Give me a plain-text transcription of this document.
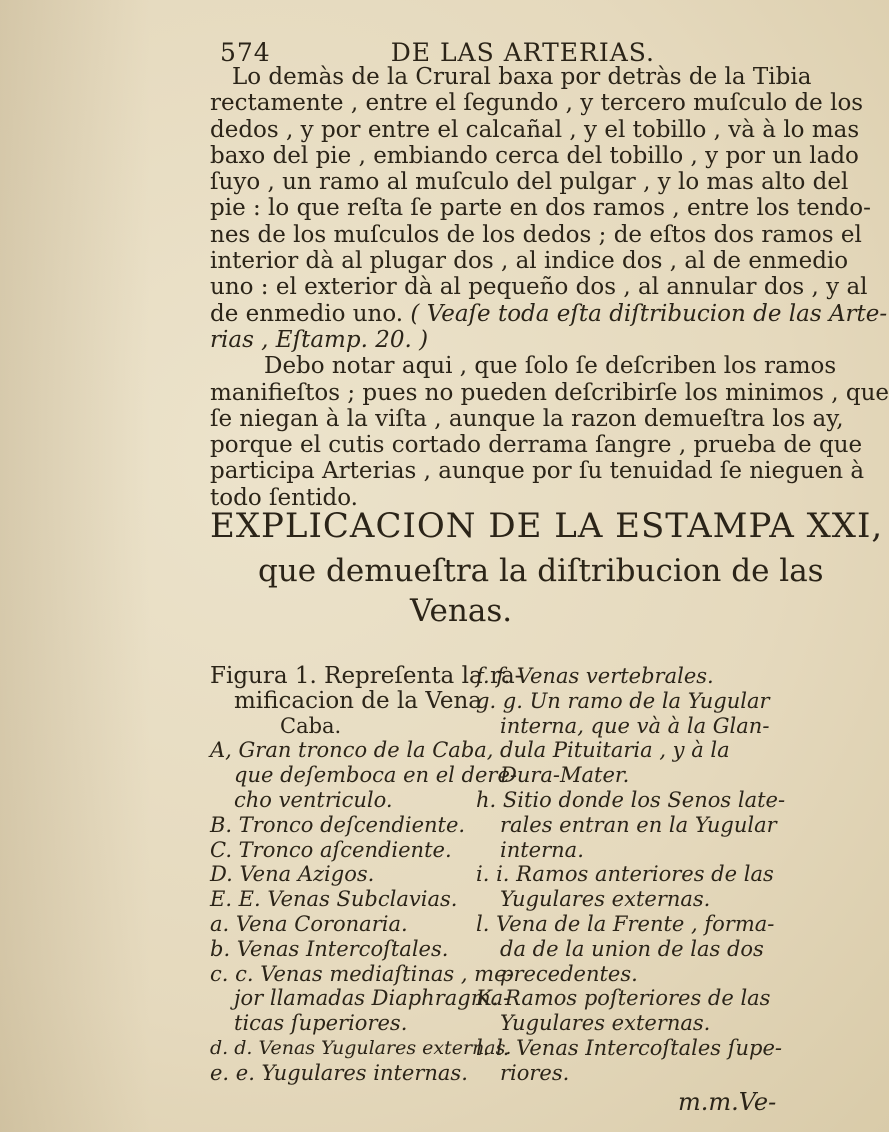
574	DE LAS ARTERIAS.
Lo demàs de la Crural baxa por detràs de la Tibia
rectamente , entre el ſegundo , y tercero muſculo de los
dedos , y por entre el calcañal , y el tobillo , và à lo mas
baxo del pie , embiando cerca del tobillo , y por un lado
ſuyo , un ramo al muſculo del pulgar , y lo mas alto del
pie : lo que reſta ſe parte en dos ramos , entre los tendo-
nes de los muſculos de los dedos ; de eſtos dos ramos el
interior dà al plugar dos , al indice dos , al de enmedio
uno : el exterior dà al pequeño dos , al annular dos , y al
de enmedio uno. ( Veaſe toda eſta diſtribucion de las Arte-
rias , Eſtamp. 20. )
Debo notar aqui , que ſolo ſe deſcriben los ramos
manifieſtos ; pues no pueden deſcribirſe los minimos , que
ſe niegan à la viſta , aunque la razon demueſtra los ay,
porque el cutis cortado derrama ſangre , prueba de que
participa Arterias , aunque por ſu tenuidad ſe nieguen à
todo ſentido.
EXPLICACION DE LA ESTAMPA XXI,
que demueſtra la diſtribucion de las
Venas.
Figura 1. Repreſenta la ra-
mificacion de la Vena
Caba.
A, Gran tronco de la Caba,
que deſemboca en el dere-
cho ventriculo.
B. Tronco deſcendiente.
C. Tronco aſcendiente.
D. Vena Azigos.
E. E. Venas Subclavias.
a. Vena Coronaria.
b. Venas Intercoſtales.
c. c. Venas mediaſtinas , me-
jor llamadas Diaphragma-
ticas ſuperiores.
d. d. Venas Yugulares externas.
e. e. Yugulares internas.
f. f. Venas vertebrales.
g. g. Un ramo de la Yugular
interna, que và à la Glan-
dula Pituitaria , y à la
Dura-Mater.
h. Sitio donde los Senos late-
rales entran en la Yugular
interna.
i. i. Ramos anteriores de las
Yugulares externas.
l. Vena de la Frente , forma-
da de la union de las dos
precedentes.
K. Ramos poſteriores de las
Yugulares externas.
l. l. Venas Intercoſtales ſupe-
riores.
m.m.Ve-
